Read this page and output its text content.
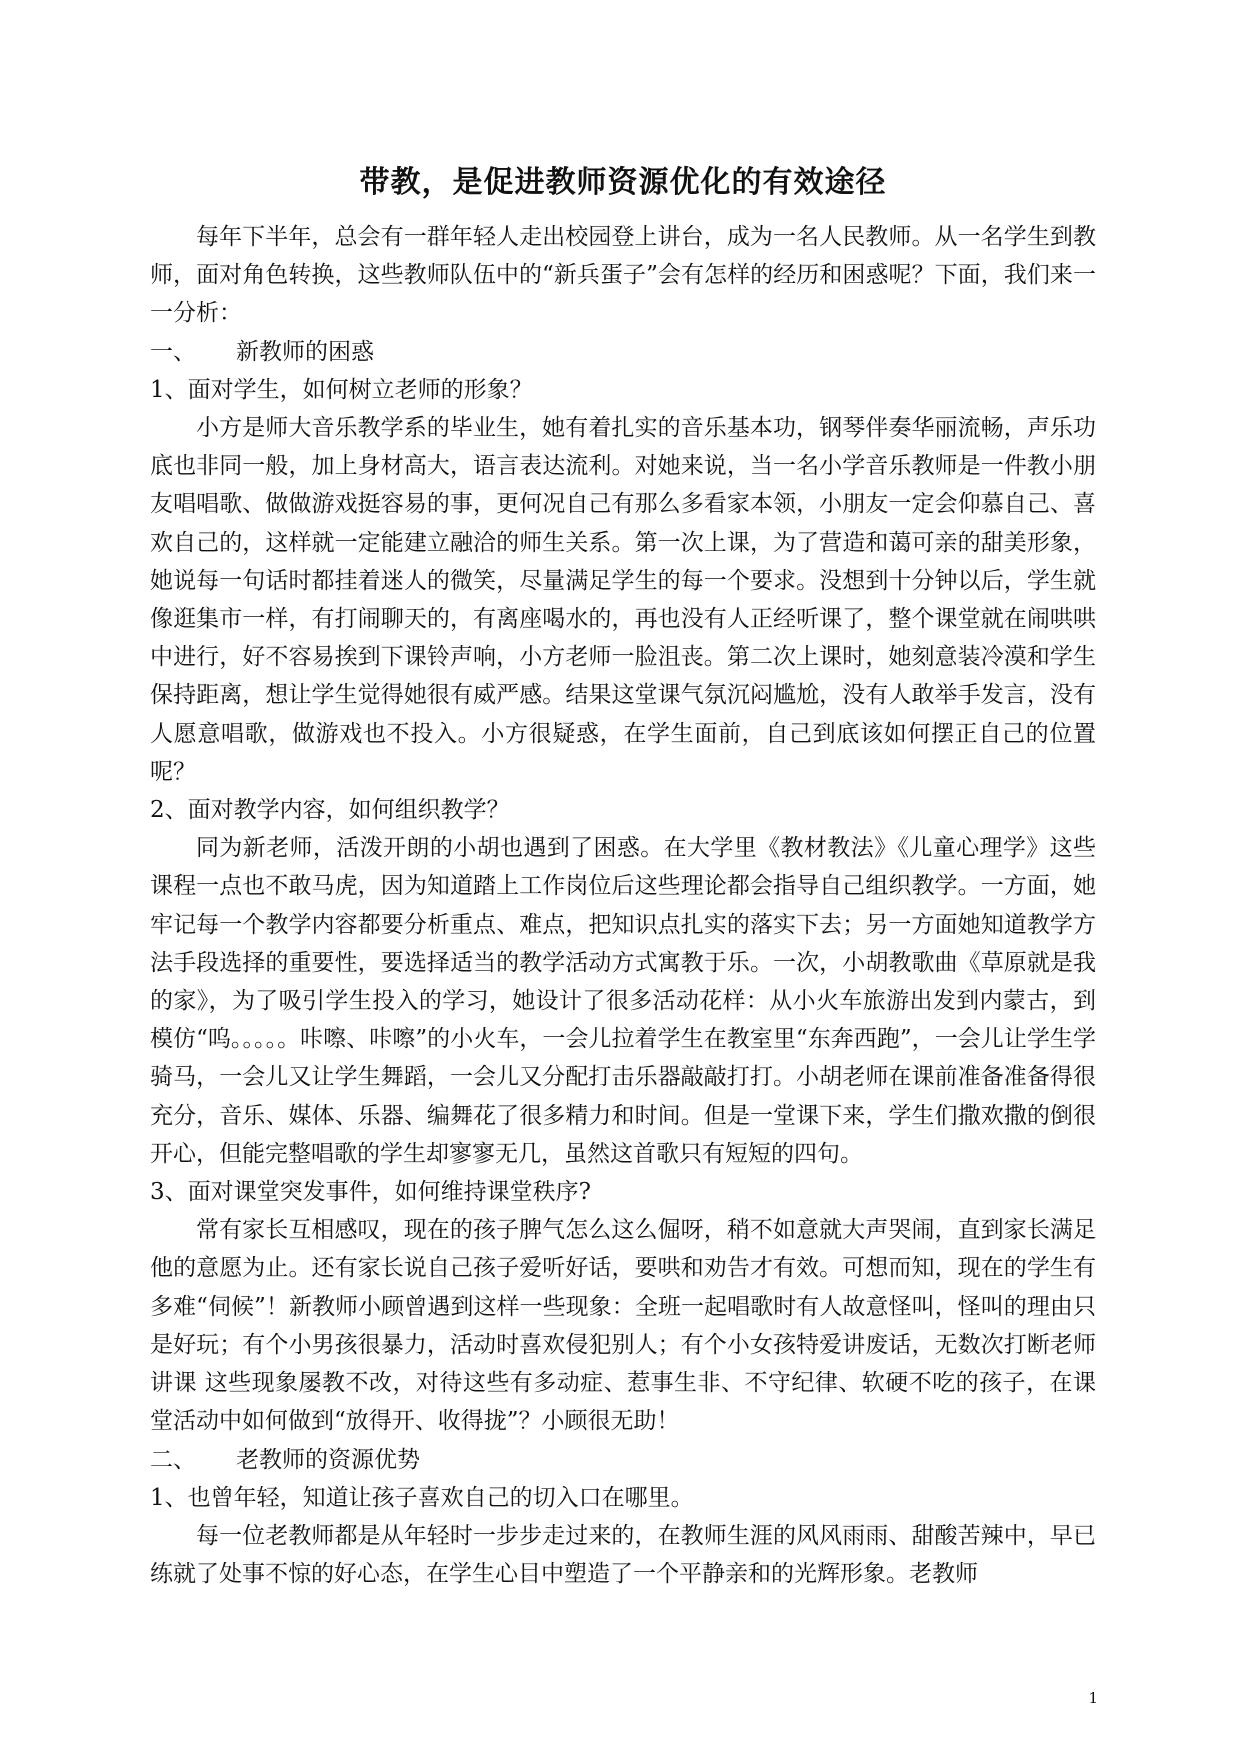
带教，是促进教师资源优化的有效途径

每年下半年，总会有一群年轻人走出校园登上讲台，成为一名人民教师。从一名学生到教师，面对角色转换，这些教师队伍中的“新兵蛋子”会有怎样的经历和困惑呢？下面，我们来一一分析：

一、 新教师的困惑

1、面对学生，如何树立老师的形象？

小方是师大音乐教学系的毕业生，她有着扎实的音乐基本功，钢琴伴奏华丽流畅，声乐功底也非同一般，加上身材高大，语言表达流利。对她来说，当一名小学音乐教师是一件教小朋友唱唱歌、做做游戏挺容易的事，更何况自己有那么多看家本领，小朋友一定会仰慕自己、喜欢自己的，这样就一定能建立融洽的师生关系。第一次上课，为了营造和蔼可亲的甜美形象，她说每一句话时都挂着迷人的微笑，尽量满足学生的每一个要求。没想到十分钟以后，学生就像逛集市一样，有打闹聊天的，有离座喝水的，再也没有人正经听课了，整个课堂就在闹哄哄中进行，好不容易挨到下课铃声响，小方老师一脸沮丧。第二次上课时，她刻意装冷漠和学生保持距离，想让学生觉得她很有威严感。结果这堂课气氛沉闷尴尬，没有人敢举手发言，没有人愿意唱歌，做游戏也不投入。小方很疑惑，在学生面前，自己到底该如何摆正自己的位置呢？

2、面对教学内容，如何组织教学？

同为新老师，活泼开朗的小胡也遇到了困惑。在大学里《教材教法》《儿童心理学》这些课程一点也不敢马虎，因为知道踏上工作岗位后这些理论都会指导自己组织教学。一方面，她牢记每一个教学内容都要分析重点、难点，把知识点扎实的落实下去；另一方面她知道教学方法手段选择的重要性，要选择适当的教学活动方式寓教于乐。一次，小胡教歌曲《草原就是我的家》，为了吸引学生投入的学习，她设计了很多活动花样：从小火车旅游出发到内蒙古，到模仿“呜。。。。。咔嚓、咔嚓”的小火车，一会儿拉着学生在教室里“东奔西跑”，一会儿让学生学骑马，一会儿又让学生舞蹈，一会儿又分配打击乐器敲敲打打。小胡老师在课前准备准备得很充分，音乐、媒体、乐器、编舞花了很多精力和时间。但是一堂课下来，学生们撒欢撒的倒很开心，但能完整唱歌的学生却寥寥无几，虽然这首歌只有短短的四句。

3、面对课堂突发事件，如何维持课堂秩序?

常有家长互相感叹，现在的孩子脾气怎么这么倔呀，稍不如意就大声哭闹，直到家长满足他的意愿为止。还有家长说自己孩子爱听好话，要哄和劝告才有效。可想而知，现在的学生有多难“伺候”！新教师小顾曾遇到这样一些现象：全班一起唱歌时有人故意怪叫，怪叫的理由只是好玩；有个小男孩很暴力，活动时喜欢侵犯别人；有个小女孩特爱讲废话，无数次打断老师讲课 这些现象屡教不改，对待这些有多动症、惹事生非、不守纪律、软硬不吃的孩子，在课堂活动中如何做到“放得开、收得拢”？小顾很无助！

二、 老教师的资源优势

1、也曾年轻，知道让孩子喜欢自己的切入口在哪里。

每一位老教师都是从年轻时一步步走过来的，在教师生涯的风风雨雨、甜酸苦辣中，早已练就了处事不惊的好心态，在学生心目中塑造了一个平静亲和的光辉形象。老教师

1
